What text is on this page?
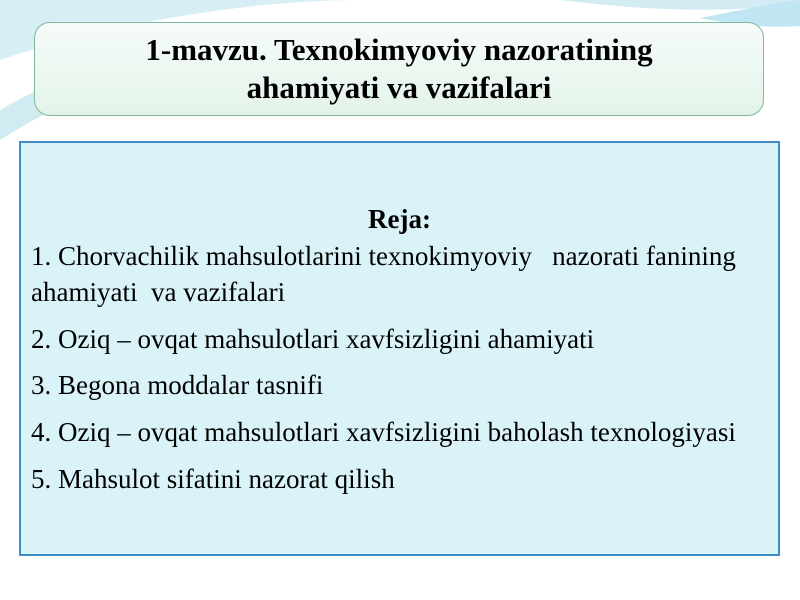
1-mavzu. Texnokimyoviy nazoratining
ahamiyati va vazifalari
Reja:
1. Chorvachilik mahsulotlarini texnokimyoviy   nazorati fanining  ahamiyati  va vazifalari
2. Oziq – ovqat mahsulotlari xavfsizligini ahamiyati
3. Begona moddalar tasnifi
4. Oziq – ovqat mahsulotlari xavfsizligini baholash texnologiyasi
5. Mahsulot sifatini nazorat qilish
